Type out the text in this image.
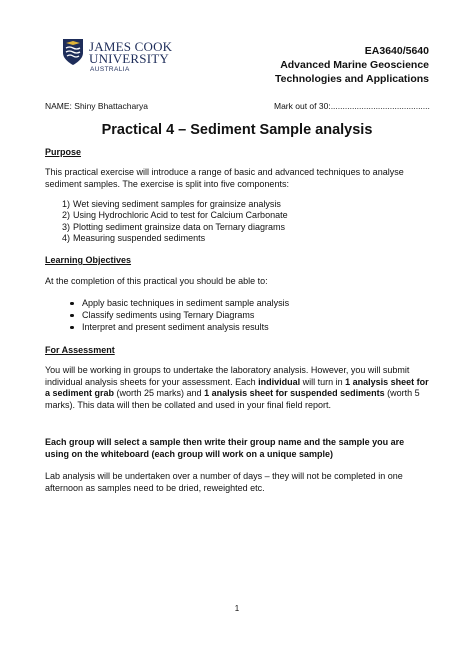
JAMES COOK
UNIVERSITY
AUSTRALIA
EA3640/5640
Advanced Marine Geoscience
Technologies and Applications
NAME: Shiny Bhattacharya	Mark out of 30:..........................................
Practical 4 – Sediment Sample analysis
Purpose
This practical exercise will introduce a range of basic and advanced techniques to analyse sediment samples. The exercise is split into five components:
1) Wet sieving sediment samples for grainsize analysis
2) Using Hydrochloric Acid to test for Calcium Carbonate
3) Plotting sediment grainsize data on Ternary diagrams
4) Measuring suspended sediments
Learning Objectives
At the completion of this practical you should be able to:
Apply basic techniques in sediment sample analysis
Classify sediments using Ternary Diagrams
Interpret and present sediment analysis results
For Assessment
You will be working in groups to undertake the laboratory analysis. However, you will submit individual analysis sheets for your assessment. Each individual will turn in 1 analysis sheet for a sediment grab (worth 25 marks) and 1 analysis sheet for suspended sediments (worth 5 marks). This data will then be collated and used in your final field report.
Each group will select a sample then write their group name and the sample you are using on the whiteboard (each group will work on a unique sample)
Lab analysis will be undertaken over a number of days – they will not be completed in one afternoon as samples need to be dried, reweighted etc.
1
